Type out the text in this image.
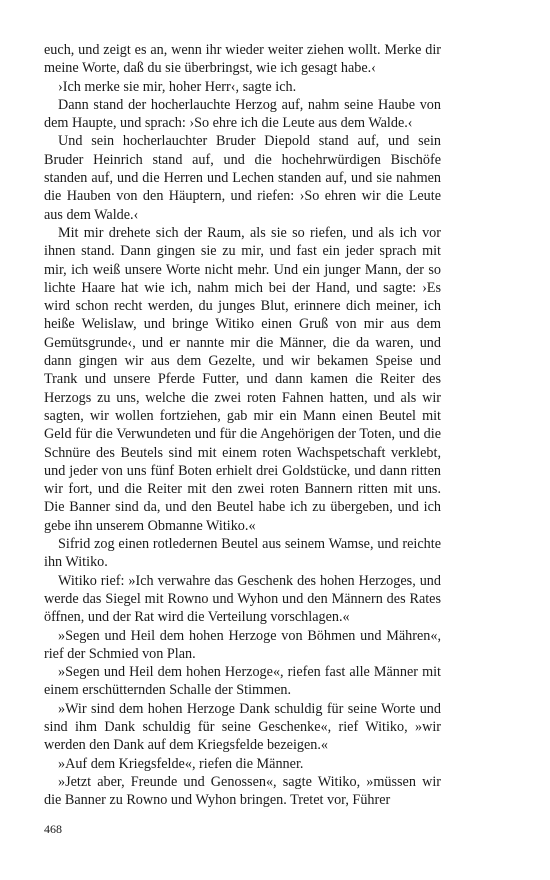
euch, und zeigt es an, wenn ihr wieder weiter ziehen wollt. Merke dir meine Worte, daß du sie überbringst, wie ich gesagt habe.‹

›Ich merke sie mir, hoher Herr‹, sagte ich.

Dann stand der hocherlauchte Herzog auf, nahm seine Haube von dem Haupte, und sprach: ›So ehre ich die Leute aus dem Walde.‹

Und sein hocherlauchter Bruder Diepold stand auf, und sein Bruder Heinrich stand auf, und die hochehrwürdigen Bischöfe standen auf, und die Herren und Lechen standen auf, und sie nahmen die Hauben von den Häuptern, und riefen: ›So ehren wir die Leute aus dem Walde.‹

Mit mir drehete sich der Raum, als sie so riefen, und als ich vor ihnen stand. Dann gingen sie zu mir, und fast ein jeder sprach mit mir, ich weiß unsere Worte nicht mehr. Und ein junger Mann, der so lichte Haare hat wie ich, nahm mich bei der Hand, und sagte: ›Es wird schon recht werden, du junges Blut, erinnere dich meiner, ich heiße Welislaw, und bringe Witiko einen Gruß von mir aus dem Gemütsgrunde‹, und er nannte mir die Männer, die da waren, und dann gingen wir aus dem Gezelte, und wir bekamen Speise und Trank und unsere Pferde Futter, und dann kamen die Reiter des Herzogs zu uns, welche die zwei roten Fahnen hatten, und als wir sagten, wir wollen fortziehen, gab mir ein Mann einen Beutel mit Geld für die Verwundeten und für die Angehörigen der Toten, und die Schnüre des Beutels sind mit einem roten Wachspetschaft verklebt, und jeder von uns fünf Boten erhielt drei Goldstücke, und dann ritten wir fort, und die Reiter mit den zwei roten Bannern ritten mit uns. Die Banner sind da, und den Beutel habe ich zu übergeben, und ich gebe ihn unserem Obmanne Witiko.«

Sifrid zog einen rotledernen Beutel aus seinem Wamse, und reichte ihn Witiko.

Witiko rief: »Ich verwahre das Geschenk des hohen Herzoges, und werde das Siegel mit Rowno und Wyhon und den Männern des Rates öffnen, und der Rat wird die Verteilung vorschlagen.«

»Segen und Heil dem hohen Herzoge von Böhmen und Mähren«, rief der Schmied von Plan.

»Segen und Heil dem hohen Herzoge«, riefen fast alle Männer mit einem erschütternden Schalle der Stimmen.

»Wir sind dem hohen Herzoge Dank schuldig für seine Worte und sind ihm Dank schuldig für seine Geschenke«, rief Witiko, »wir werden den Dank auf dem Kriegsfelde bezeigen.«

»Auf dem Kriegsfelde«, riefen die Männer.

»Jetzt aber, Freunde und Genossen«, sagte Witiko, »müssen wir die Banner zu Rowno und Wyhon bringen. Tretet vor, Führer

468
